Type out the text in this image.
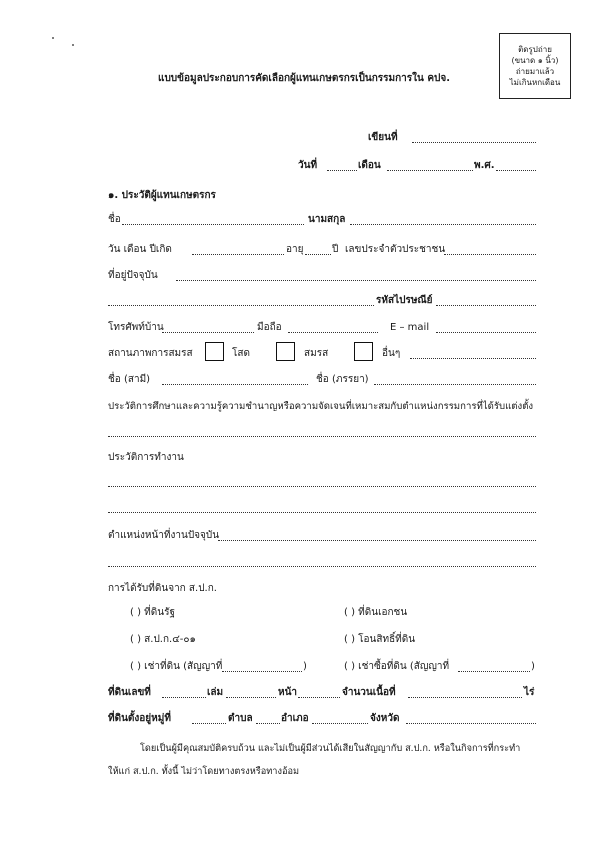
ติดรูปถ่าย
(ขนาด ๑ นิ้ว)
ถ่ายมาแล้ว
ไม่เกินหกเดือน
แบบข้อมูลประกอบการคัดเลือกผู้แทนเกษตรกรเป็นกรรมการใน คปจ.
เขียนที่
วันที่	เดือน	พ.ศ.
๑. ประวัติผู้แทนเกษตรกร
ชื่อ	นามสกุล
วัน เดือน ปีเกิด	อายุ	ปี เลขประจำตัวประชาชน
ที่อยู่ปัจจุบัน
รหัสไปรษณีย์
โทรศัพท์บ้าน	มือถือ	E – mail
สถานภาพการสมรส	โสด	สมรส	อื่นๆ
ชื่อ (สามี)	ชื่อ (ภรรยา)
ประวัติการศึกษาและความรู้ความชำนาญหรือความจัดเจนที่เหมาะสมกับตำแหน่งกรรมการที่ได้รับแต่งตั้ง
ประวัติการทำงาน
ตำแหน่งหน้าที่งานปัจจุบัน
การได้รับที่ดินจาก ส.ป.ก.
( ) ที่ดินรัฐ	( ) ที่ดินเอกชน
( ) ส.ป.ก.๔-๐๑	( ) โอนสิทธิ์ที่ดิน
( ) เช่าที่ดิน (สัญญาที่	)	( ) เช่าซื้อที่ดิน (สัญญาที่	)
ที่ดินเลขที่	เล่ม	หน้า	จำนวนเนื้อที่	ไร่
ที่ดินตั้งอยู่หมู่ที่	ตำบล	อำเภอ	จังหวัด
โดยเป็นผู้มีคุณสมบัติครบถ้วน และไม่เป็นผู้มีส่วนได้เสียในสัญญากับ ส.ป.ก. หรือในกิจการที่กระทำ
ให้แก่ ส.ป.ก. ทั้งนี้ ไม่ว่าโดยทางตรงหรือทางอ้อม
